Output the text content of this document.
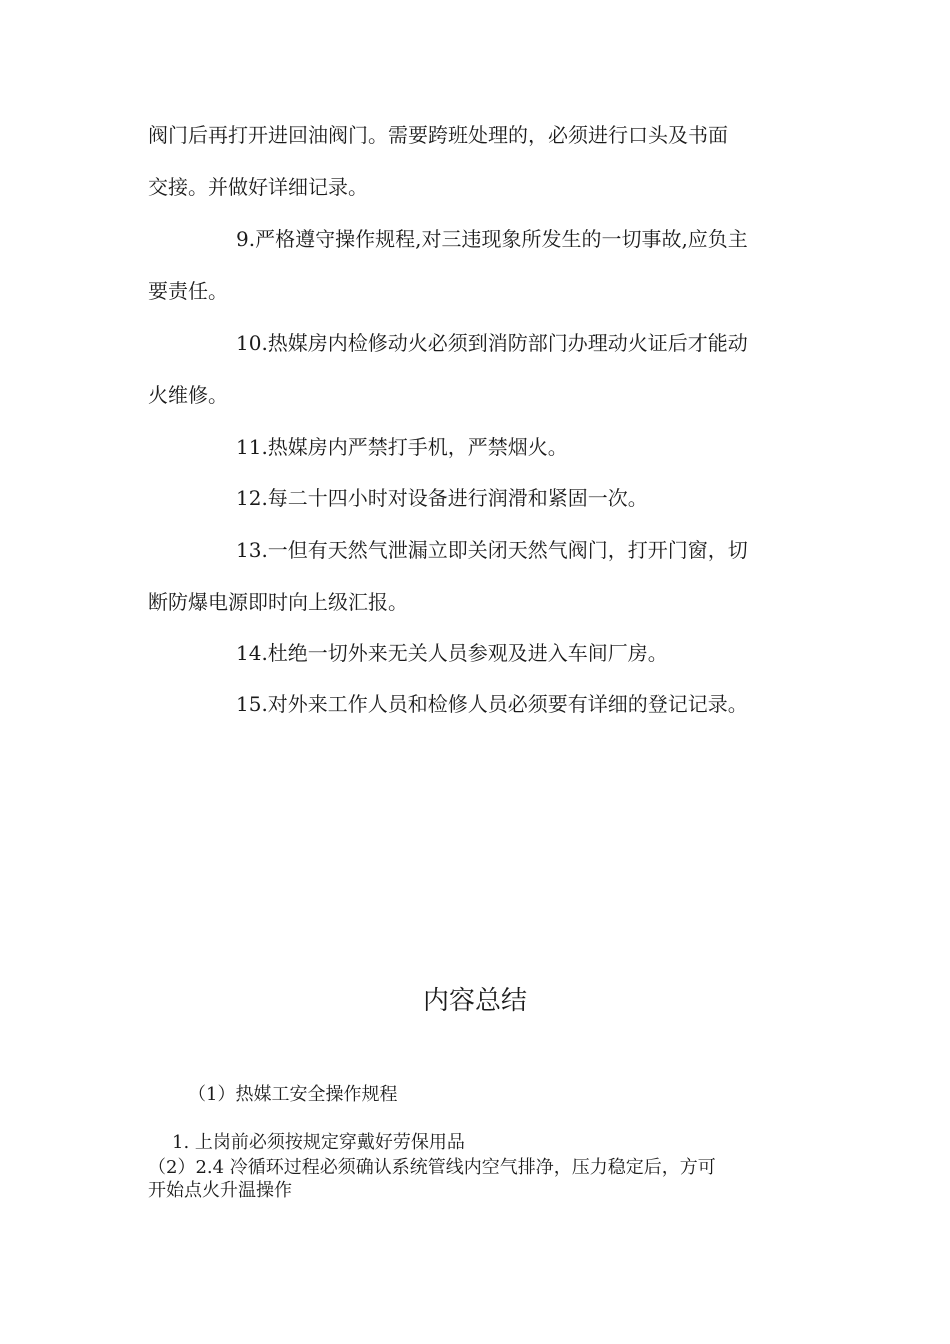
阀门后再打开进回油阀门。需要跨班处理的，必须进行口头及书面
交接。并做好详细记录。
9.严格遵守操作规程,对三违现象所发生的一切事故,应负主
要责任。
10.热媒房内检修动火必须到消防部门办理动火证后才能动
火维修。
11.热媒房内严禁打手机，严禁烟火。
12.每二十四小时对设备进行润滑和紧固一次。
13.一但有天然气泄漏立即关闭天然气阀门，打开门窗，切
断防爆电源即时向上级汇报。
14.杜绝一切外来无关人员参观及进入车间厂房。
15.对外来工作人员和检修人员必须要有详细的登记记录。
内容总结
（1）热媒工安全操作规程
1. 上岗前必须按规定穿戴好劳保用品
（2）2.4 冷循环过程必须确认系统管线内空气排净，压力稳定后，方可
开始点火升温操作
